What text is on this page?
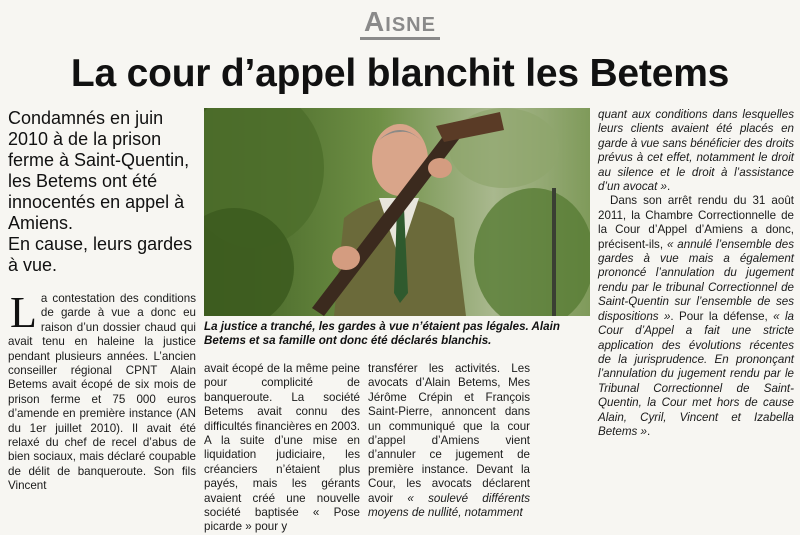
Aisne
La cour d’appel blanchit les Betems

Condamnés en juin 2010 à de la prison ferme à Saint-Quentin, les Betems ont été innocentés en appel à Amiens.

En cause, leurs gardes à vue.

La contestation des conditions de garde à vue a donc eu raison d’un dossier chaud qui avait tenu en haleine la justice pendant plusieurs années. L’ancien conseiller régional CPNT Alain Betems avait écopé de six mois de prison ferme et 75 000 euros d’amende en première instance (AN du 1er juillet 2010). Il avait été relaxé du chef de recel d’abus de bien sociaux, mais déclaré coupable de délit de banqueroute. Son fils Vincent

La justice a tranché, les gardes à vue n’étaient pas légales. Alain Betems et sa famille ont donc été déclarés blanchis.

avait écopé de la même peine pour complicité de banqueroute. La société Betems avait connu des difficultés financières en 2003. A la suite d’une mise en liquidation judiciaire, les créanciers n’étaient plus payés, mais les gérants avaient créé une nouvelle société baptisée « Pose picarde » pour y

transférer les activités. Les avocats d’Alain Betems, Mes Jérôme Crépin et François Saint-Pierre, annoncent dans un communiqué que la cour d’appel d’Amiens vient d’annuler ce jugement de première instance. Devant la Cour, les avocats déclarent avoir « soulevé différents moyens de nullité, notamment

quant aux conditions dans lesquelles leurs clients avaient été placés en garde à vue sans bénéficier des droits prévus à cet effet, notamment le droit au silence et le droit à l’assistance d’un avocat ».

Dans son arrêt rendu du 31 août 2011, la Chambre Correctionnelle de la Cour d’Appel d’Amiens a donc, précisent-ils, « annulé l’ensemble des gardes à vue mais a également prononcé l’annulation du jugement rendu par le tribunal Correctionnel de Saint-Quentin sur l’ensemble de ses dispositions ». Pour la défense, « la Cour d’Appel a fait une stricte application des évolutions récentes de la jurisprudence. En prononçant l’annulation du jugement rendu par le Tribunal Correctionnel de Saint-Quentin, la Cour met hors de cause Alain, Cyril, Vincent et Izabella Betems ».
